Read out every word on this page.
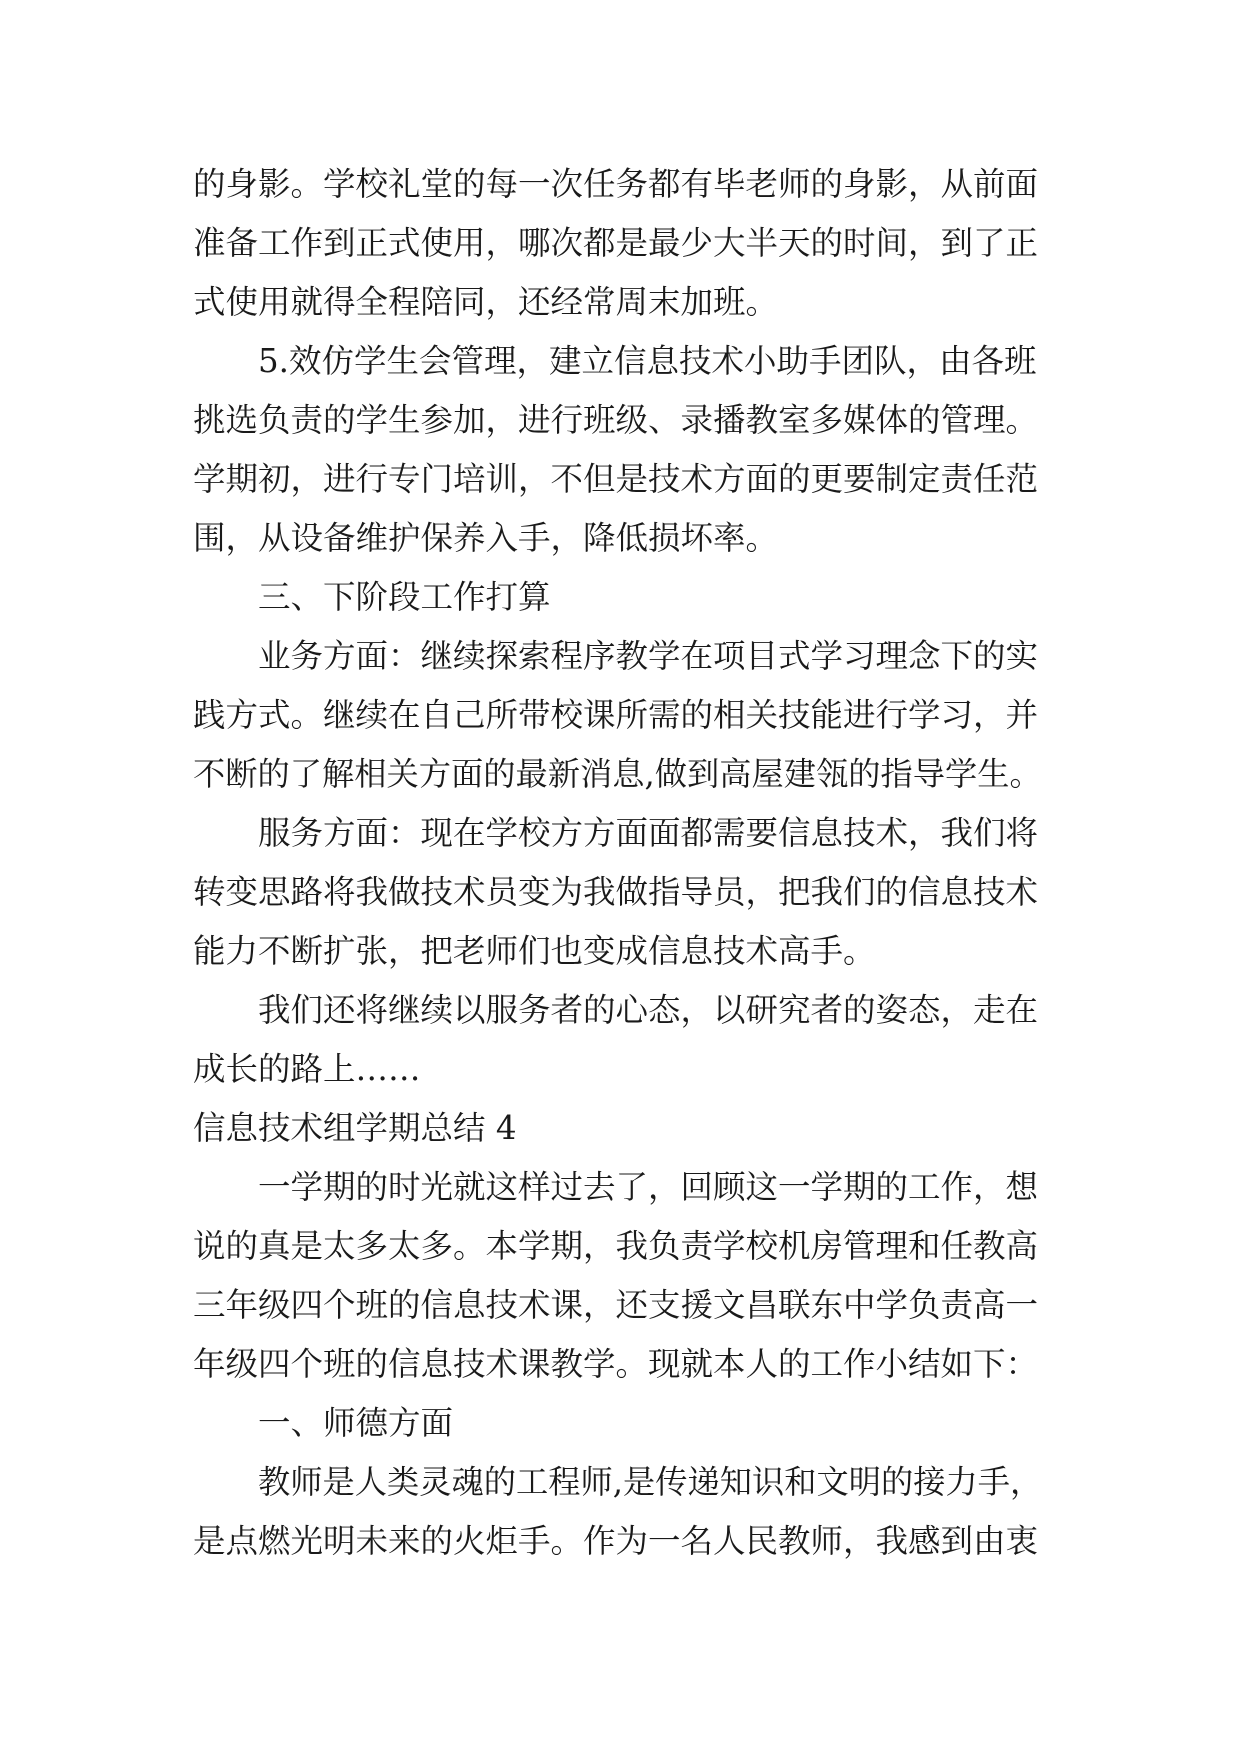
的身影。学校礼堂的每一次任务都有毕老师的身影，从前面
准备工作到正式使用，哪次都是最少大半天的时间，到了正
式使用就得全程陪同，还经常周末加班。
5.效仿学生会管理，建立信息技术小助手团队，由各班
挑选负责的学生参加，进行班级、录播教室多媒体的管理。
学期初，进行专门培训，不但是技术方面的更要制定责任范
围，从设备维护保养入手，降低损坏率。
三、下阶段工作打算
业务方面：继续探索程序教学在项目式学习理念下的实
践方式。继续在自己所带校课所需的相关技能进行学习，并
不断的了解相关方面的最新消息,做到高屋建瓴的指导学生。
服务方面：现在学校方方面面都需要信息技术，我们将
转变思路将我做技术员变为我做指导员，把我们的信息技术
能力不断扩张，把老师们也变成信息技术高手。
我们还将继续以服务者的心态，以研究者的姿态，走在
成长的路上……
信息技术组学期总结 4
一学期的时光就这样过去了，回顾这一学期的工作，想
说的真是太多太多。本学期，我负责学校机房管理和任教高
三年级四个班的信息技术课，还支援文昌联东中学负责高一
年级四个班的信息技术课教学。现就本人的工作小结如下：
一、师德方面
教师是人类灵魂的工程师,是传递知识和文明的接力手，
是点燃光明未来的火炬手。作为一名人民教师，我感到由衷
